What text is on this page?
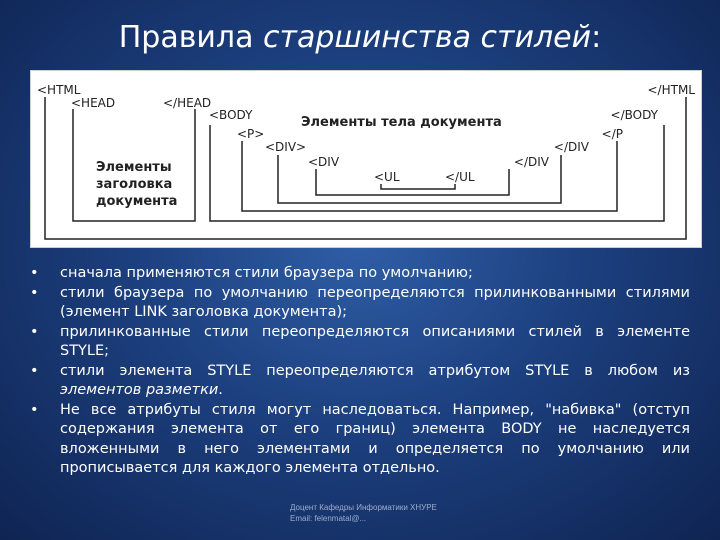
Правила старшинства стилей:
<HTML	</HTML
<HEAD	</HEAD
<BODY	</BODY
<P>	</P
<DIV>	</DIV
<DIV	</DIV
<UL	</UL
Элементы тела документа
Элементы
заголовка
документа
• сначала применяются стили браузера по умолчанию;
• стили браузера по умолчанию переопределяются прилинкованными стилями (элемент LINK заголовка документа);
• прилинкованные стили переопределяются описаниями стилей в элементе STYLE;
• стили элемента STYLE переопределяются атрибутом STYLE в любом из элементов разметки.
• Не все атрибуты стиля могут наследоваться. Например, "набивка" (отступ содержания элемента от его границ) элемента BODY не наследуется вложенными в него элементами и определяется по умолчанию или прописывается для каждого элемента отдельно.
Доцент Кафедры Информатики ХНУРЕ
Email: felenmatal@...
